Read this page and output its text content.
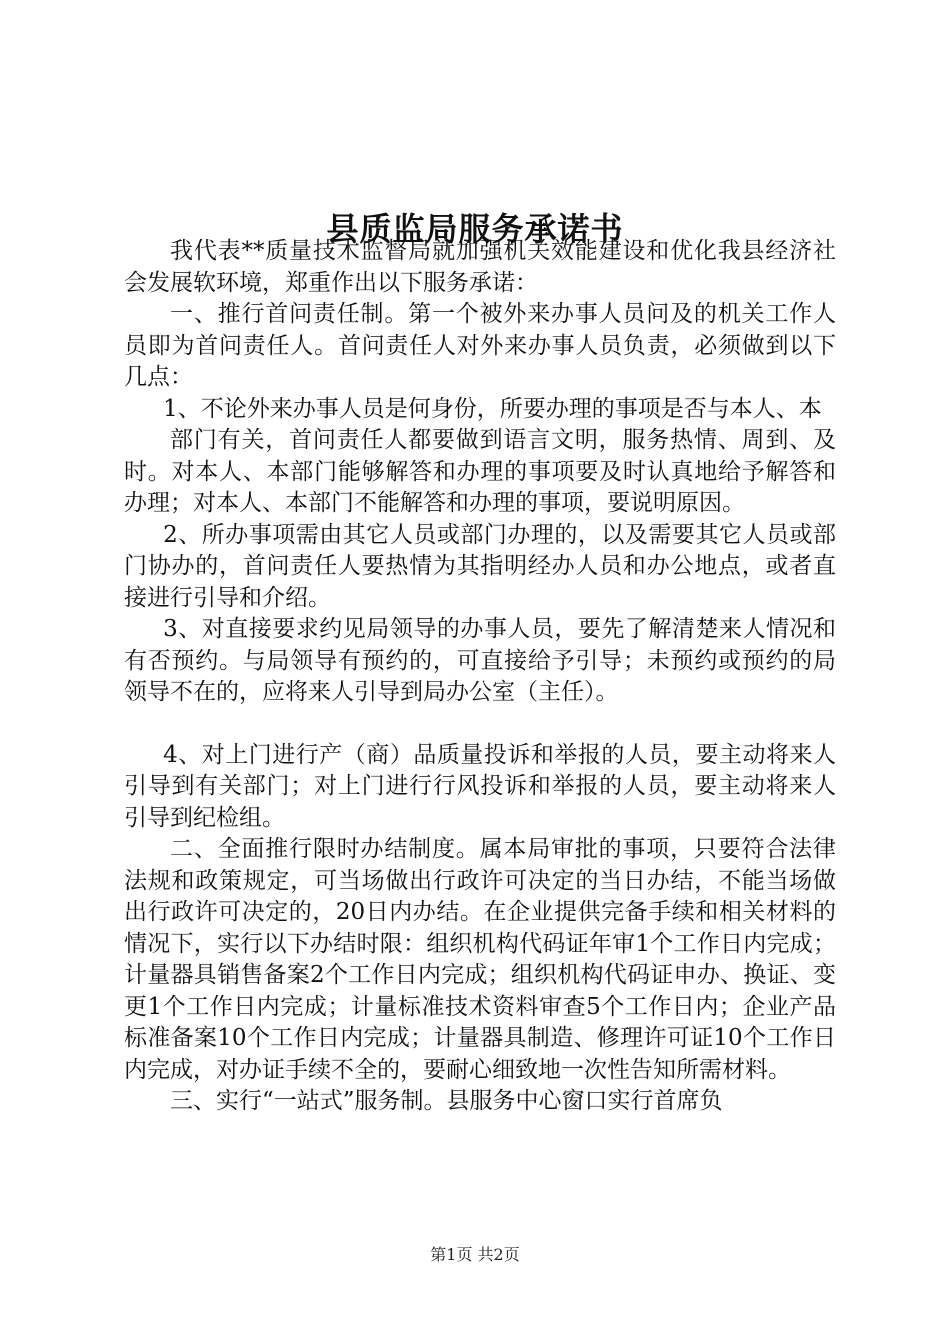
县质监局服务承诺书

我代表**质量技术监督局就加强机关效能建设和优化我县经济社会发展软环境，郑重作出以下服务承诺：

一、推行首问责任制。第一个被外来办事人员问及的机关工作人员即为首问责任人。首问责任人对外来办事人员负责，必须做到以下几点：

1、不论外来办事人员是何身份，所要办理的事项是否与本人、本

部门有关，首问责任人都要做到语言文明，服务热情、周到、及时。对本人、本部门能够解答和办理的事项要及时认真地给予解答和办理；对本人、本部门不能解答和办理的事项，要说明原因。

2、所办事项需由其它人员或部门办理的，以及需要其它人员或部门协办的，首问责任人要热情为其指明经办人员和办公地点，或者直接进行引导和介绍。

3、对直接要求约见局领导的办事人员，要先了解清楚来人情况和有否预约。与局领导有预约的，可直接给予引导；未预约或预约的局领导不在的，应将来人引导到局办公室（主任）。

4、对上门进行产（商）品质量投诉和举报的人员，要主动将来人引导到有关部门；对上门进行行风投诉和举报的人员，要主动将来人引导到纪检组。

二、全面推行限时办结制度。属本局审批的事项，只要符合法律法规和政策规定，可当场做出行政许可决定的当日办结，不能当场做出行政许可决定的，20日内办结。在企业提供完备手续和相关材料的情况下，实行以下办结时限：组织机构代码证年审1个工作日内完成；计量器具销售备案2个工作日内完成；组织机构代码证申办、换证、变更1个工作日内完成；计量标准技术资料审查5个工作日内；企业产品标准备案10个工作日内完成；计量器具制造、修理许可证10个工作日内完成，对办证手续不全的，要耐心细致地一次性告知所需材料。

三、实行“一站式”服务制。县服务中心窗口实行首席负

第1页 共2页
